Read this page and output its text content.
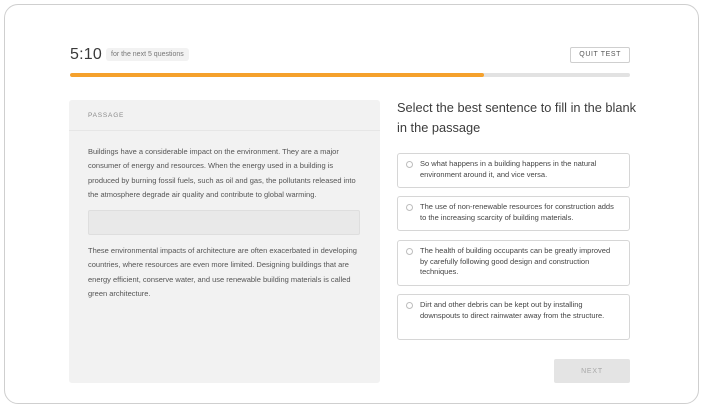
5:10	for the next 5 questions	QUIT TEST
PASSAGE

Buildings have a considerable impact on the environment. They are a major consumer of energy and resources. When the energy used in a building is produced by burning fossil fuels, such as oil and gas, the pollutants released into the atmosphere degrade air quality and contribute to global warming.

These environmental impacts of architecture are often exacerbated in developing countries, where resources are even more limited. Designing buildings that are energy efficient, conserve water, and use renewable building materials is called green architecture.

Select the best sentence to fill in the blank in the passage
So what happens in a building happens in the natural environment around it, and vice versa.
The use of non-renewable resources for construction adds to the increasing scarcity of building materials.
The health of building occupants can be greatly improved by carefully following good design and construction techniques.
Dirt and other debris can be kept out by installing downspouts to direct rainwater away from the structure.
NEXT
